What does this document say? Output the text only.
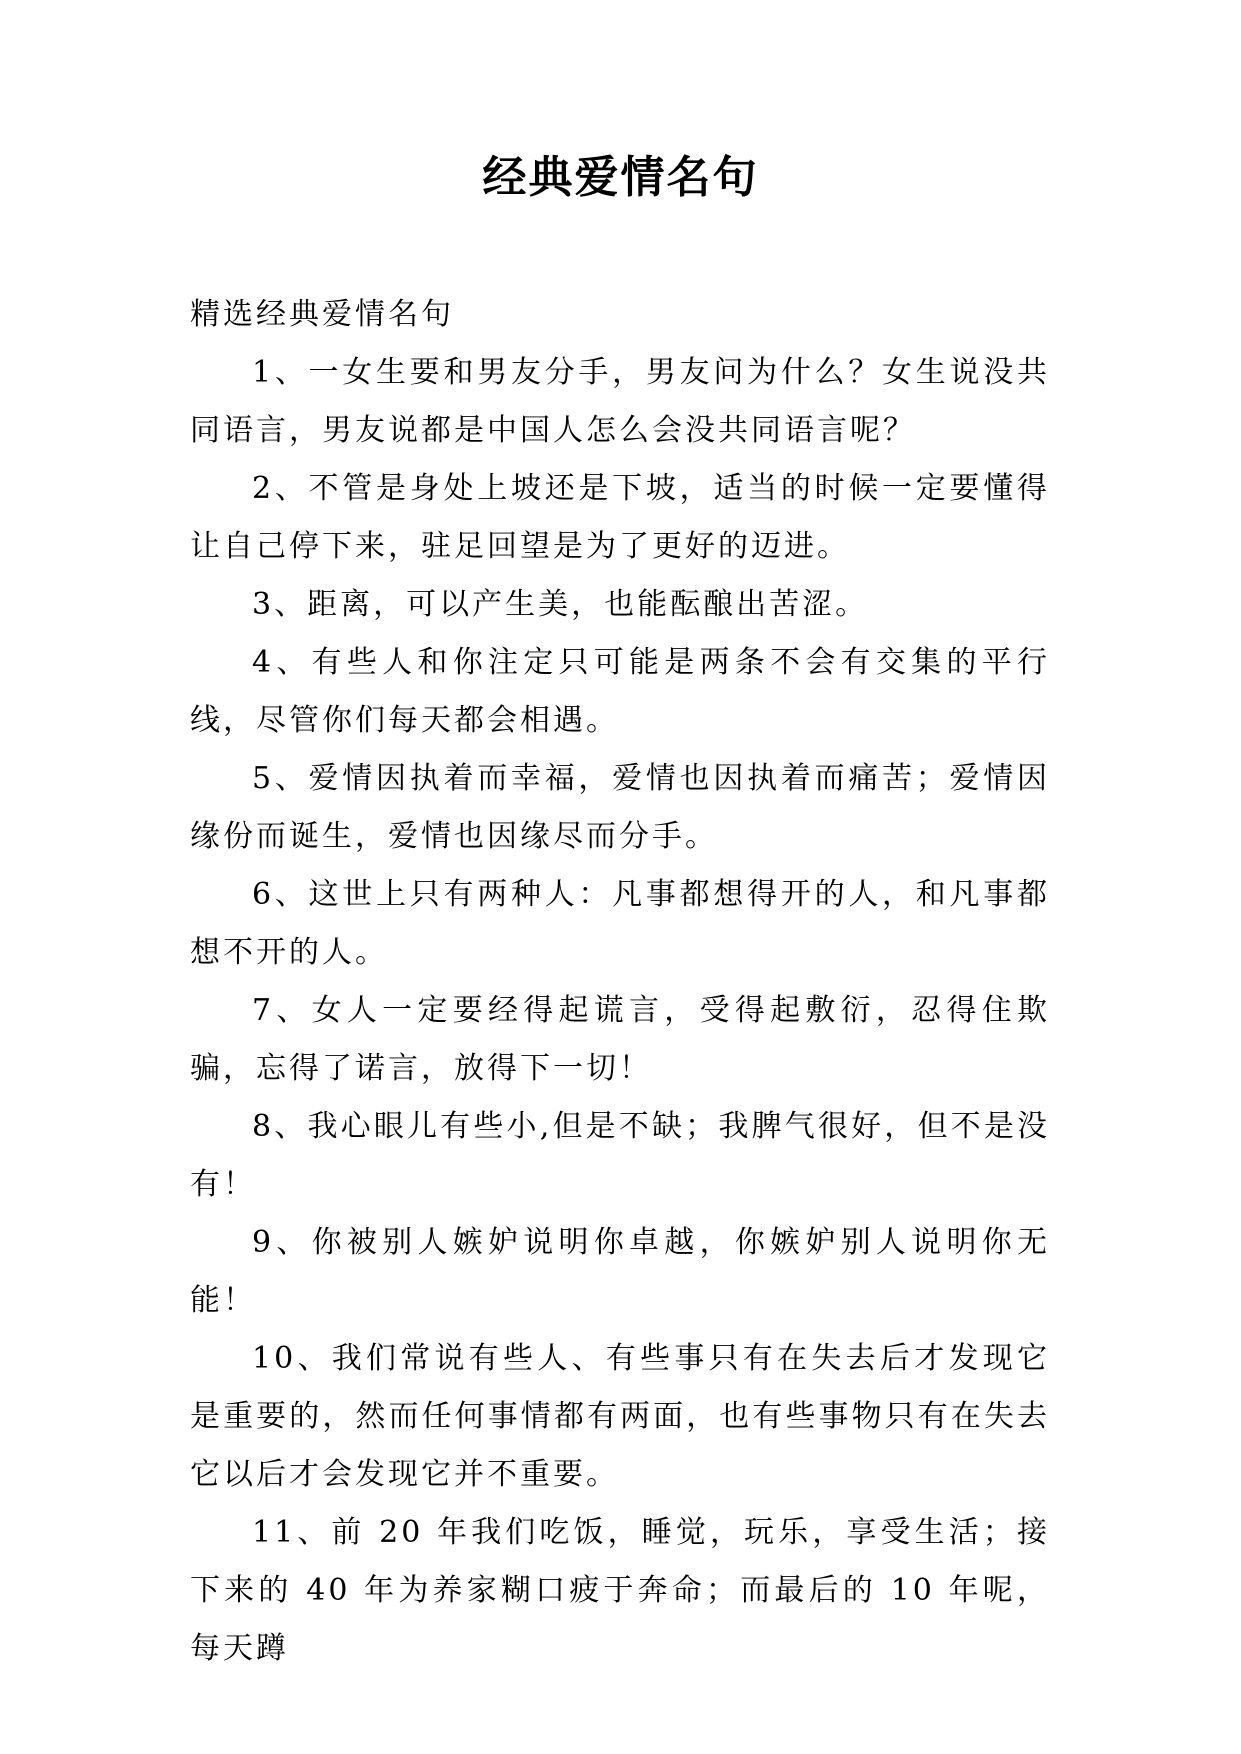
经典爱情名句

精选经典爱情名句

1、一女生要和男友分手，男友问为什么？女生说没共同语言，男友说都是中国人怎么会没共同语言呢？

2、不管是身处上坡还是下坡，适当的时候一定要懂得让自己停下来，驻足回望是为了更好的迈进。

3、距离，可以产生美，也能酝酿出苦涩。

4、有些人和你注定只可能是两条不会有交集的平行线，尽管你们每天都会相遇。

5、爱情因执着而幸福，爱情也因执着而痛苦；爱情因缘份而诞生，爱情也因缘尽而分手。

6、这世上只有两种人：凡事都想得开的人，和凡事都想不开的人。

7、女人一定要经得起谎言，受得起敷衍，忍得住欺骗，忘得了诺言，放得下一切！

8、我心眼儿有些小,但是不缺；我脾气很好，但不是没有！

9、你被别人嫉妒说明你卓越，你嫉妒别人说明你无能！

10、我们常说有些人、有些事只有在失去后才发现它是重要的，然而任何事情都有两面，也有些事物只有在失去它以后才会发现它并不重要。

11、前 20 年我们吃饭，睡觉，玩乐，享受生活；接下来的 40 年为养家糊口疲于奔命；而最后的 10 年呢，每天蹲
